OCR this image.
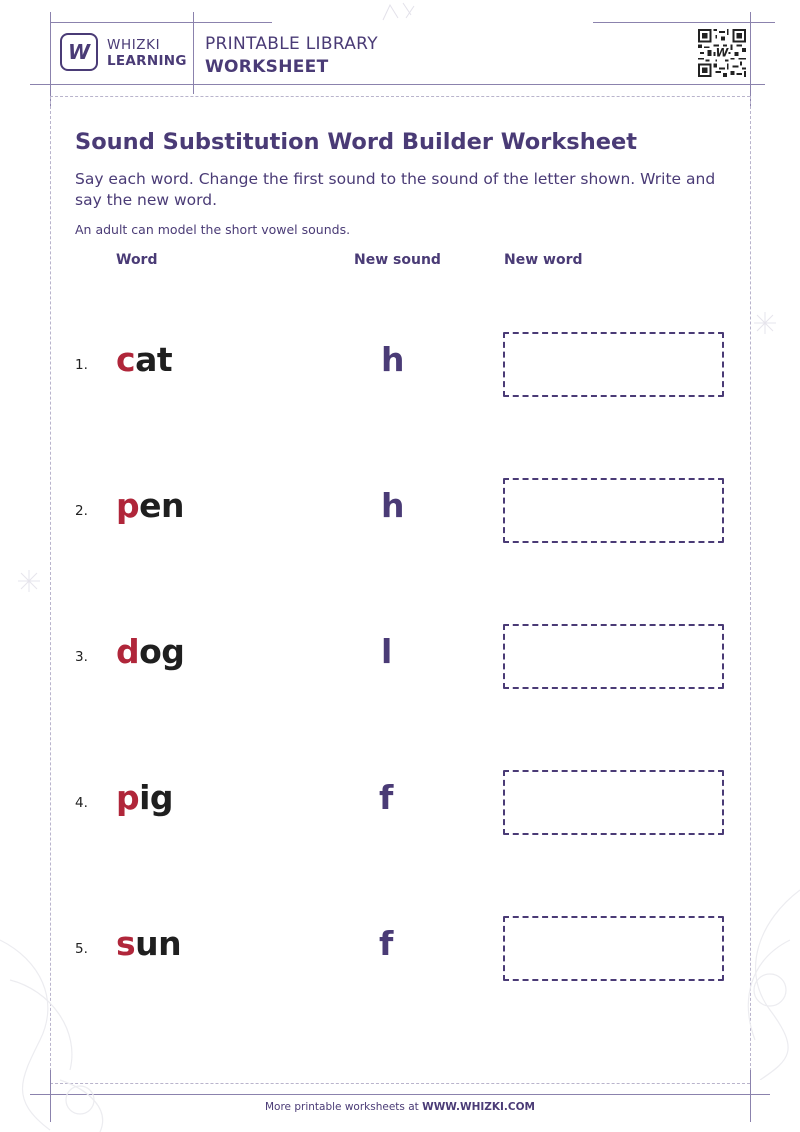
W WHIZKI
LEARNING
PRINTABLE LIBRARY
WORKSHEET
W
Sound Substitution Word Builder Worksheet
Say each word. Change the first sound to the sound of the letter shown. Write and say the new word.
An adult can model the short vowel sounds.
Word	New sound	New word
1. cat	h
2. pen	h
3. dog	l
4. pig	f
5. sun	f
More printable worksheets at WWW.WHIZKI.COM
